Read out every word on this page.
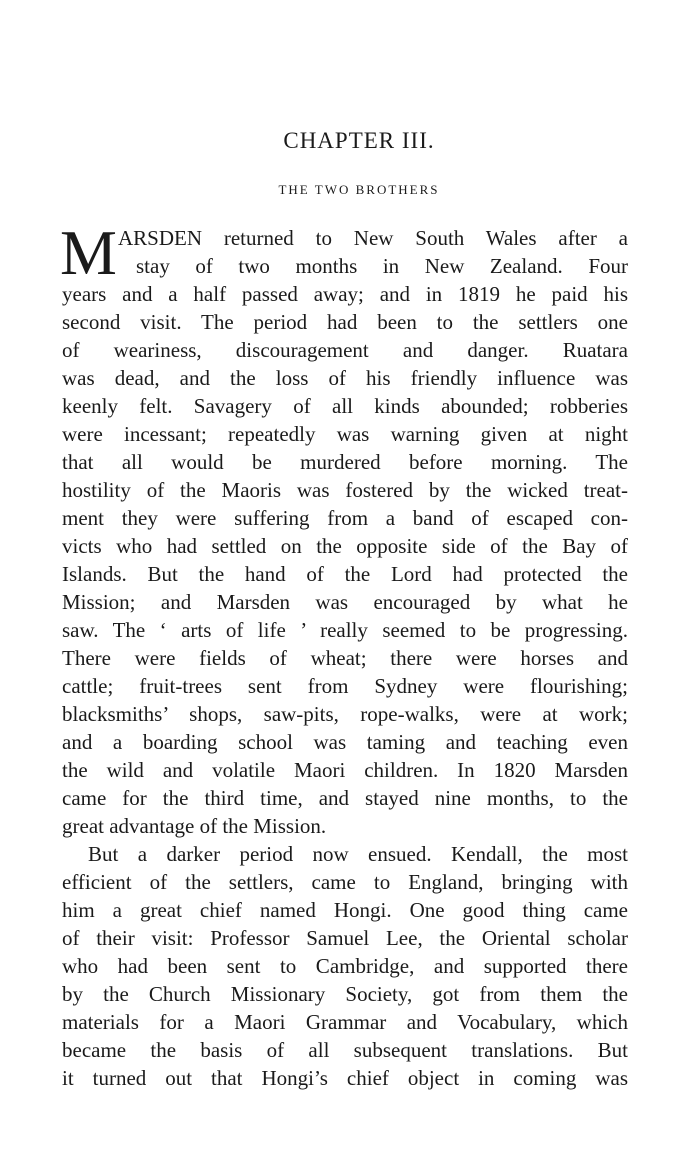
CHAPTER III.
THE TWO BROTHERS
M ARSDEN returned to New South Wales after a
stay of two months in New Zealand. Four
years and a half passed away; and in 1819 he paid his
second visit. The period had been to the settlers one
of weariness, discouragement and danger. Ruatara
was dead, and the loss of his friendly influence was
keenly felt. Savagery of all kinds abounded; robberies
were incessant; repeatedly was warning given at night
that all would be murdered before morning. The
hostility of the Maoris was fostered by the wicked treat-
ment they were suffering from a band of escaped con-
victs who had settled on the opposite side of the Bay of
Islands. But the hand of the Lord had protected the
Mission; and Marsden was encouraged by what he
saw. The ‘ arts of life ’ really seemed to be progressing.
There were fields of wheat; there were horses and
cattle; fruit-trees sent from Sydney were flourishing;
blacksmiths’ shops, saw-pits, rope-walks, were at work;
and a boarding school was taming and teaching even
the wild and volatile Maori children. In 1820 Marsden
came for the third time, and stayed nine months, to the
great advantage of the Mission.
But a darker period now ensued. Kendall, the most
efficient of the settlers, came to England, bringing with
him a great chief named Hongi. One good thing came
of their visit: Professor Samuel Lee, the Oriental scholar
who had been sent to Cambridge, and supported there
by the Church Missionary Society, got from them the
materials for a Maori Grammar and Vocabulary, which
became the basis of all subsequent translations. But
it turned out that Hongi’s chief object in coming was
